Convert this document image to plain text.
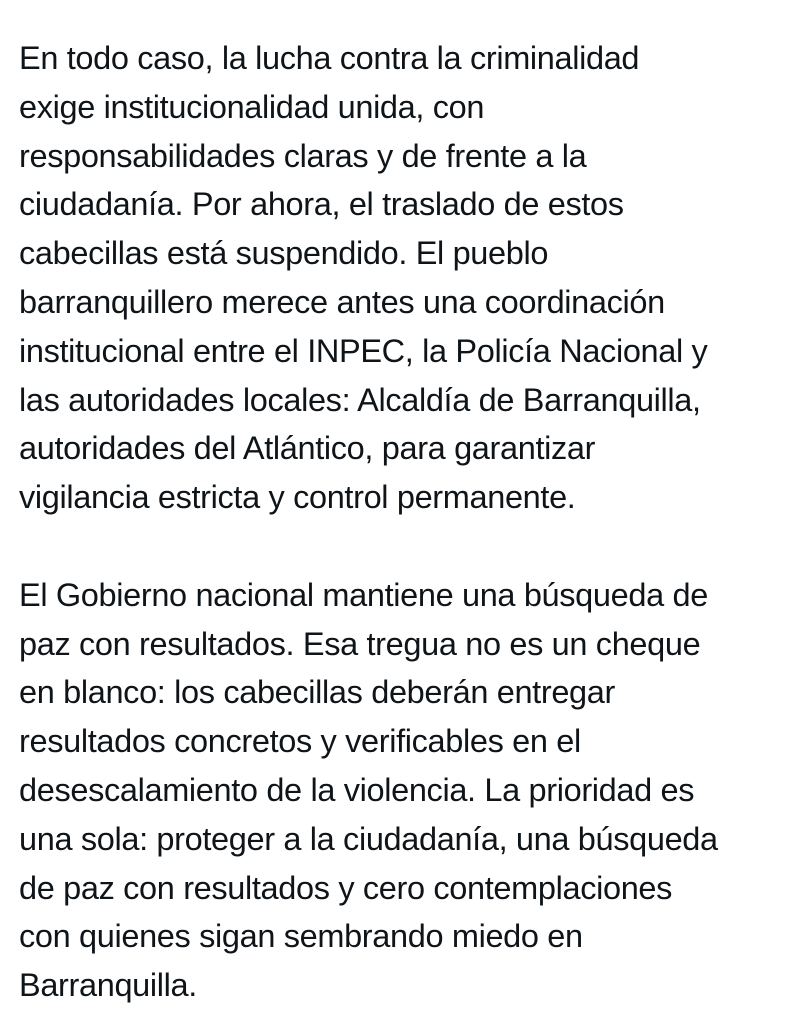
En todo caso, la lucha contra la criminalidad
exige institucionalidad unida, con
responsabilidades claras y de frente a la
ciudadanía. Por ahora, el traslado de estos
cabecillas está suspendido. El pueblo
barranquillero merece antes una coordinación
institucional entre el INPEC, la Policía Nacional y
las autoridades locales: Alcaldía de Barranquilla,
autoridades del Atlántico, para garantizar
vigilancia estricta y control permanente.
El Gobierno nacional mantiene una búsqueda de
paz con resultados. Esa tregua no es un cheque
en blanco: los cabecillas deberán entregar
resultados concretos y verificables en el
desescalamiento de la violencia. La prioridad es
una sola: proteger a la ciudadanía, una búsqueda
de paz con resultados y cero contemplaciones
con quienes sigan sembrando miedo en
Barranquilla.
